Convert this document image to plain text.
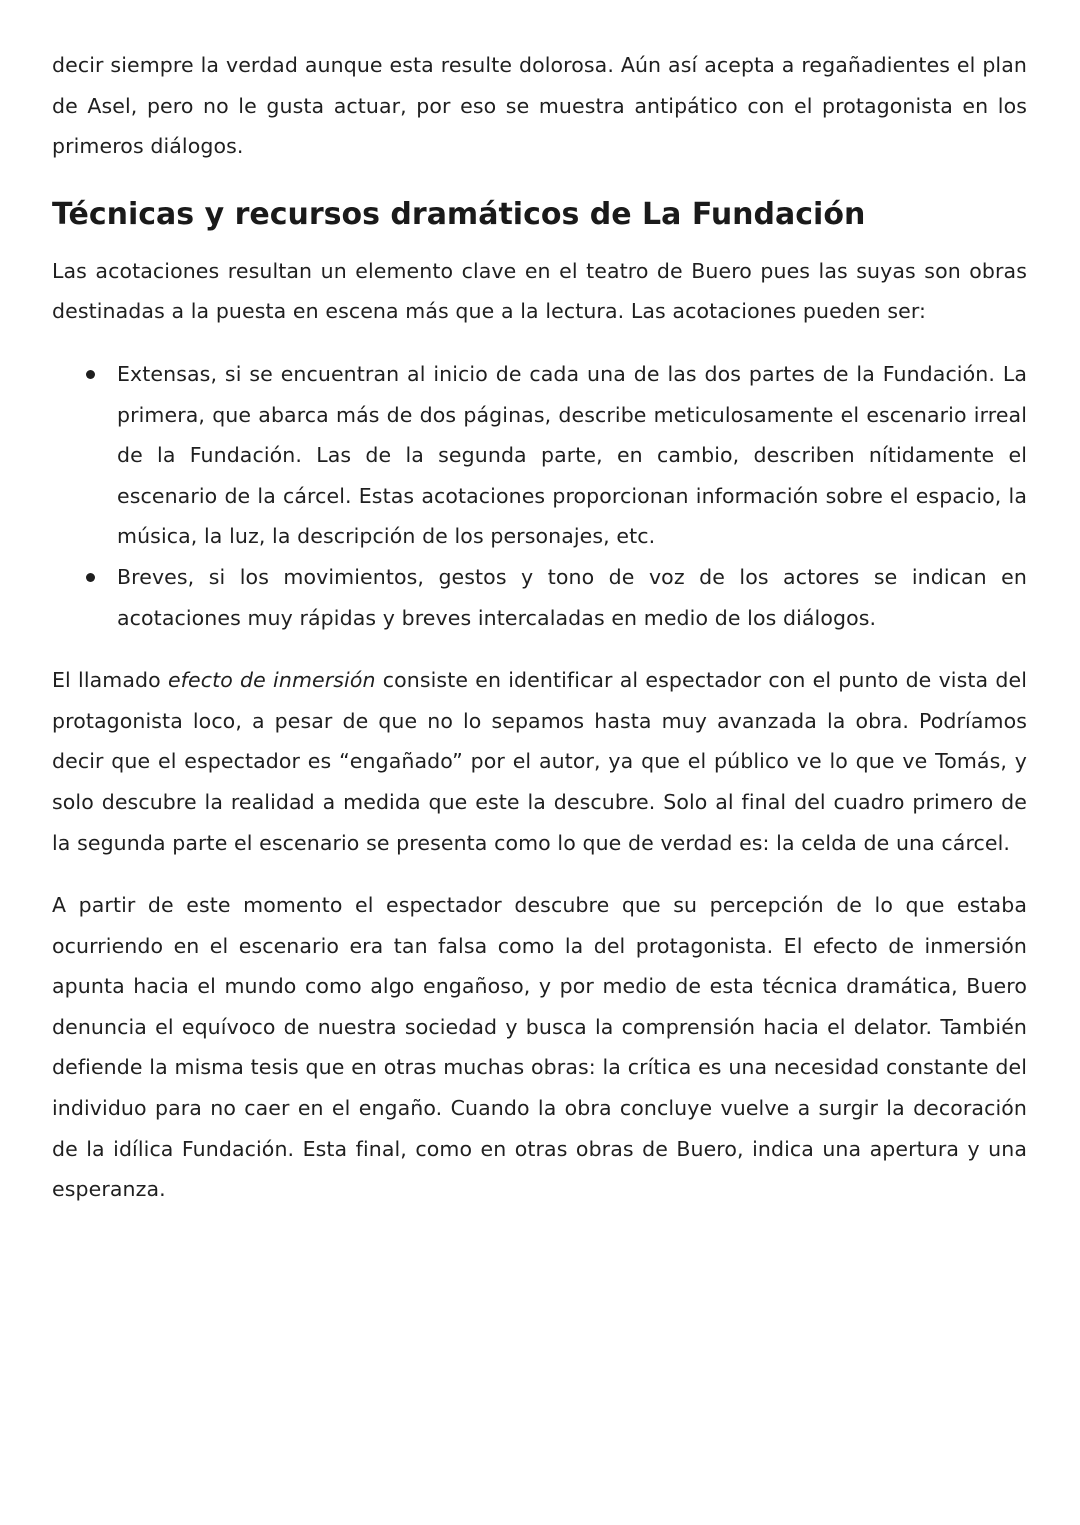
decir siempre la verdad aunque esta resulte dolorosa. Aún así acepta a regañadientes el plan de Asel, pero no le gusta actuar, por eso se muestra antipático con el protagonista en los primeros diálogos.

Técnicas y recursos dramáticos de La Fundación

Las acotaciones resultan un elemento clave en el teatro de Buero pues las suyas son obras destinadas a la puesta en escena más que a la lectura. Las acotaciones pueden ser:

Extensas, si se encuentran al inicio de cada una de las dos partes de la Fundación. La primera, que abarca más de dos páginas, describe meticulosamente el escenario irreal de la Fundación. Las de la segunda parte, en cambio, describen nítidamente el escenario de la cárcel. Estas acotaciones proporcionan información sobre el espacio, la música, la luz, la descripción de los personajes, etc.
Breves, si los movimientos, gestos y tono de voz de los actores se indican en acotaciones muy rápidas y breves intercaladas en medio de los diálogos.

El llamado efecto de inmersión consiste en identificar al espectador con el punto de vista del protagonista loco, a pesar de que no lo sepamos hasta muy avanzada la obra. Podríamos decir que el espectador es “engañado” por el autor, ya que el público ve lo que ve Tomás, y solo descubre la realidad a medida que este la descubre. Solo al final del cuadro primero de la segunda parte el escenario se presenta como lo que de verdad es: la celda de una cárcel.

A partir de este momento el espectador descubre que su percepción de lo que estaba ocurriendo en el escenario era tan falsa como la del protagonista. El efecto de inmersión apunta hacia el mundo como algo engañoso, y por medio de esta técnica dramática, Buero denuncia el equívoco de nuestra sociedad y busca la comprensión hacia el delator. También defiende la misma tesis que en otras muchas obras: la crítica es una necesidad constante del individuo para no caer en el engaño. Cuando la obra concluye vuelve a surgir la decoración de la idílica Fundación. Esta final, como en otras obras de Buero, indica una apertura y una esperanza.
